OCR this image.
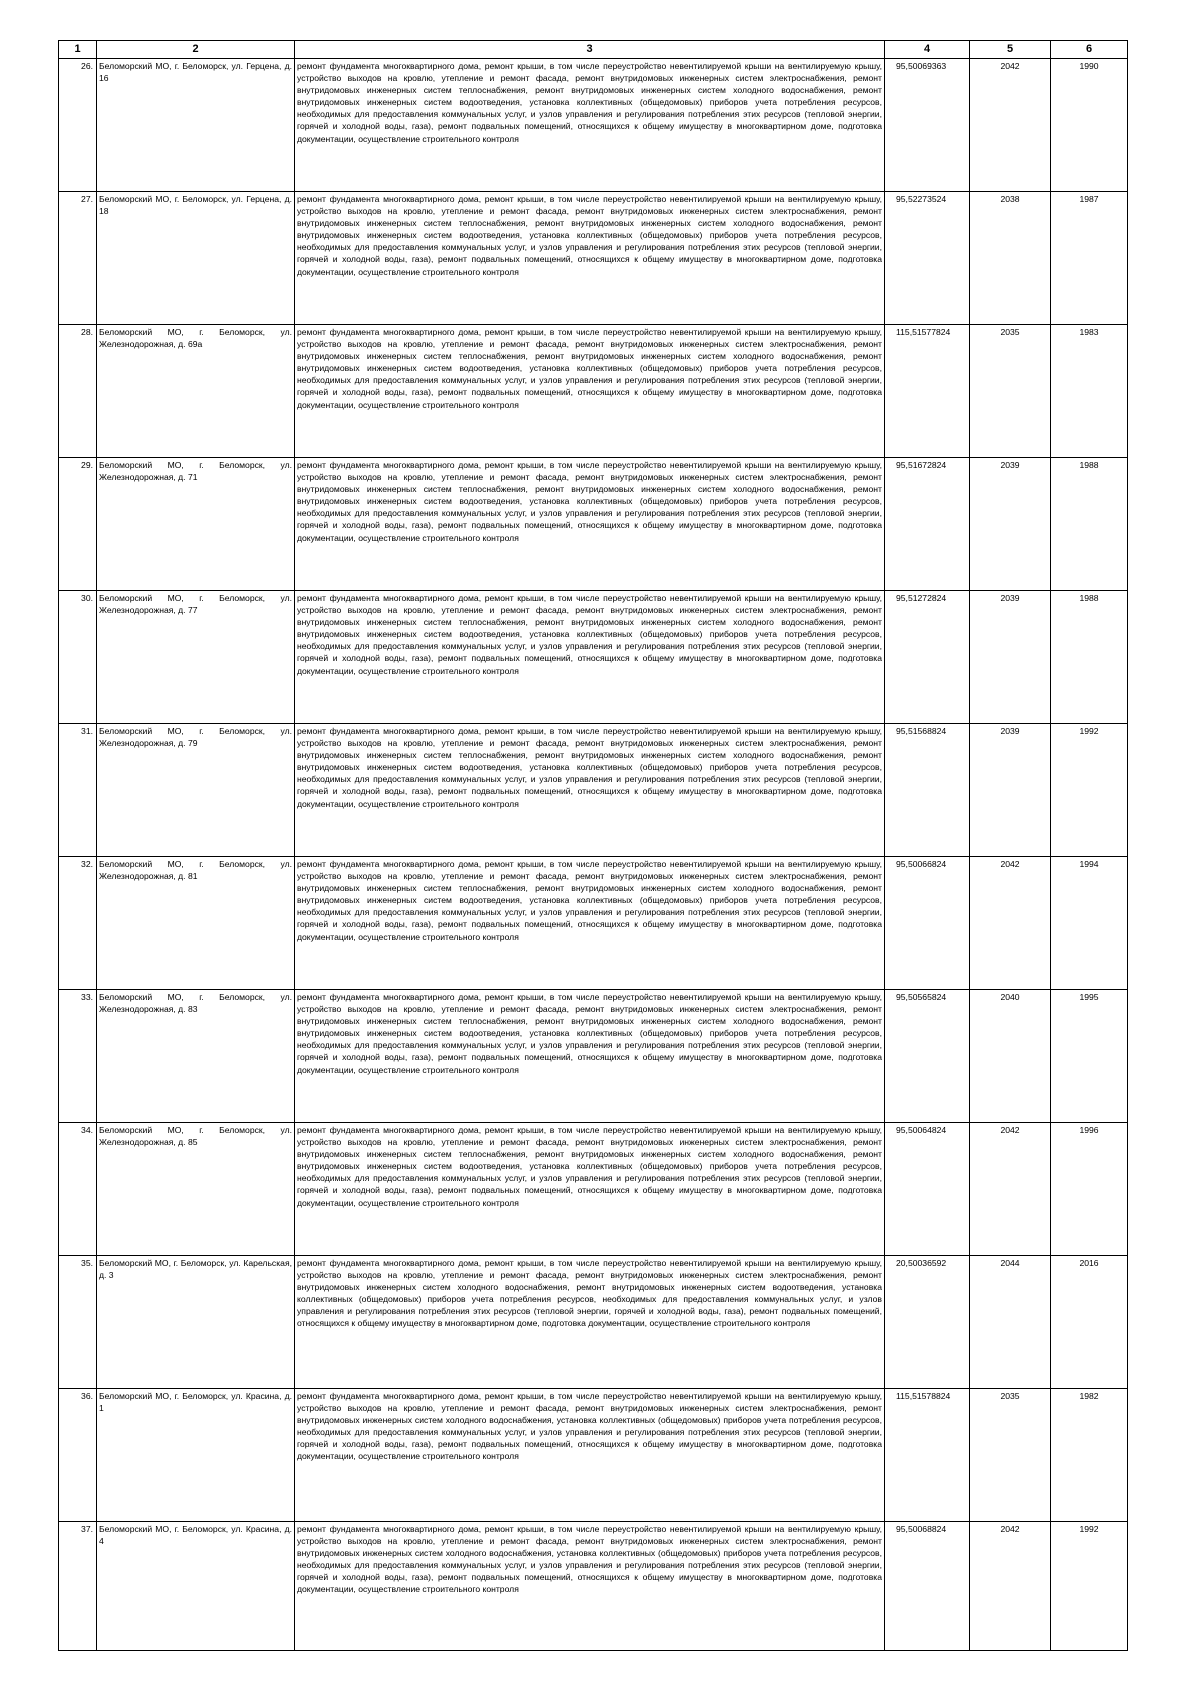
1	2	3	4	5	6
26.	Беломорский МО, г. Беломорск, ул. Герцена, д. 16	ремонт фундамента многоквартирного дома, ремонт крыши, в том числе переустройство невентилируемой крыши на вентилируемую крышу, устройство выходов на кровлю, утепление и ремонт фасада, ремонт внутридомовых инженерных систем электроснабжения, ремонт внутридомовых инженерных систем теплоснабжения, ремонт внутридомовых инженерных систем холодного водоснабжения, ремонт внутридомовых инженерных систем водоотведения, установка коллективных (общедомовых) приборов учета потребления ресурсов, необходимых для предоставления коммунальных услуг, и узлов управления и регулирования потребления этих ресурсов (тепловой энергии, горячей и холодной воды, газа), ремонт подвальных помещений, относящихся к общему имуществу в многоквартирном доме, подготовка документации, осуществление строительного контроля	95,50069363	2042	1990
27.	Беломорский МО, г. Беломорск, ул. Герцена, д. 18	ремонт фундамента многоквартирного дома, ремонт крыши, в том числе переустройство невентилируемой крыши на вентилируемую крышу, устройство выходов на кровлю, утепление и ремонт фасада, ремонт внутридомовых инженерных систем электроснабжения, ремонт внутридомовых инженерных систем теплоснабжения, ремонт внутридомовых инженерных систем холодного водоснабжения, ремонт внутридомовых инженерных систем водоотведения, установка коллективных (общедомовых) приборов учета потребления ресурсов, необходимых для предоставления коммунальных услуг, и узлов управления и регулирования потребления этих ресурсов (тепловой энергии, горячей и холодной воды, газа), ремонт подвальных помещений, относящихся к общему имуществу в многоквартирном доме, подготовка документации, осуществление строительного контроля	95,52273524	2038	1987
28.	Беломорский МО, г. Беломорск, ул. Железнодорожная, д. 69а	ремонт фундамента многоквартирного дома, ремонт крыши, в том числе переустройство невентилируемой крыши на вентилируемую крышу, устройство выходов на кровлю, утепление и ремонт фасада, ремонт внутридомовых инженерных систем электроснабжения, ремонт внутридомовых инженерных систем теплоснабжения, ремонт внутридомовых инженерных систем холодного водоснабжения, ремонт внутридомовых инженерных систем водоотведения, установка коллективных (общедомовых) приборов учета потребления ресурсов, необходимых для предоставления коммунальных услуг, и узлов управления и регулирования потребления этих ресурсов (тепловой энергии, горячей и холодной воды, газа), ремонт подвальных помещений, относящихся к общему имуществу в многоквартирном доме, подготовка документации, осуществление строительного контроля	115,51577824	2035	1983
29.	Беломорский МО, г. Беломорск, ул. Железнодорожная, д. 71	ремонт фундамента многоквартирного дома, ремонт крыши, в том числе переустройство невентилируемой крыши на вентилируемую крышу, устройство выходов на кровлю, утепление и ремонт фасада, ремонт внутридомовых инженерных систем электроснабжения, ремонт внутридомовых инженерных систем теплоснабжения, ремонт внутридомовых инженерных систем холодного водоснабжения, ремонт внутридомовых инженерных систем водоотведения, установка коллективных (общедомовых) приборов учета потребления ресурсов, необходимых для предоставления коммунальных услуг, и узлов управления и регулирования потребления этих ресурсов (тепловой энергии, горячей и холодной воды, газа), ремонт подвальных помещений, относящихся к общему имуществу в многоквартирном доме, подготовка документации, осуществление строительного контроля	95,51672824	2039	1988
30.	Беломорский МО, г. Беломорск, ул. Железнодорожная, д. 77	ремонт фундамента многоквартирного дома, ремонт крыши, в том числе переустройство невентилируемой крыши на вентилируемую крышу, устройство выходов на кровлю, утепление и ремонт фасада, ремонт внутридомовых инженерных систем электроснабжения, ремонт внутридомовых инженерных систем теплоснабжения, ремонт внутридомовых инженерных систем холодного водоснабжения, ремонт внутридомовых инженерных систем водоотведения, установка коллективных (общедомовых) приборов учета потребления ресурсов, необходимых для предоставления коммунальных услуг, и узлов управления и регулирования потребления этих ресурсов (тепловой энергии, горячей и холодной воды, газа), ремонт подвальных помещений, относящихся к общему имуществу в многоквартирном доме, подготовка документации, осуществление строительного контроля	95,51272824	2039	1988
31.	Беломорский МО, г. Беломорск, ул. Железнодорожная, д. 79	ремонт фундамента многоквартирного дома, ремонт крыши, в том числе переустройство невентилируемой крыши на вентилируемую крышу, устройство выходов на кровлю, утепление и ремонт фасада, ремонт внутридомовых инженерных систем электроснабжения, ремонт внутридомовых инженерных систем теплоснабжения, ремонт внутридомовых инженерных систем холодного водоснабжения, ремонт внутридомовых инженерных систем водоотведения, установка коллективных (общедомовых) приборов учета потребления ресурсов, необходимых для предоставления коммунальных услуг, и узлов управления и регулирования потребления этих ресурсов (тепловой энергии, горячей и холодной воды, газа), ремонт подвальных помещений, относящихся к общему имуществу в многоквартирном доме, подготовка документации, осуществление строительного контроля	95,51568824	2039	1992
32.	Беломорский МО, г. Беломорск, ул. Железнодорожная, д. 81	ремонт фундамента многоквартирного дома, ремонт крыши, в том числе переустройство невентилируемой крыши на вентилируемую крышу, устройство выходов на кровлю, утепление и ремонт фасада, ремонт внутридомовых инженерных систем электроснабжения, ремонт внутридомовых инженерных систем теплоснабжения, ремонт внутридомовых инженерных систем холодного водоснабжения, ремонт внутридомовых инженерных систем водоотведения, установка коллективных (общедомовых) приборов учета потребления ресурсов, необходимых для предоставления коммунальных услуг, и узлов управления и регулирования потребления этих ресурсов (тепловой энергии, горячей и холодной воды, газа), ремонт подвальных помещений, относящихся к общему имуществу в многоквартирном доме, подготовка документации, осуществление строительного контроля	95,50066824	2042	1994
33.	Беломорский МО, г. Беломорск, ул. Железнодорожная, д. 83	ремонт фундамента многоквартирного дома, ремонт крыши, в том числе переустройство невентилируемой крыши на вентилируемую крышу, устройство выходов на кровлю, утепление и ремонт фасада, ремонт внутридомовых инженерных систем электроснабжения, ремонт внутридомовых инженерных систем теплоснабжения, ремонт внутридомовых инженерных систем холодного водоснабжения, ремонт внутридомовых инженерных систем водоотведения, установка коллективных (общедомовых) приборов учета потребления ресурсов, необходимых для предоставления коммунальных услуг, и узлов управления и регулирования потребления этих ресурсов (тепловой энергии, горячей и холодной воды, газа), ремонт подвальных помещений, относящихся к общему имуществу в многоквартирном доме, подготовка документации, осуществление строительного контроля	95,50565824	2040	1995
34.	Беломорский МО, г. Беломорск, ул. Железнодорожная, д. 85	ремонт фундамента многоквартирного дома, ремонт крыши, в том числе переустройство невентилируемой крыши на вентилируемую крышу, устройство выходов на кровлю, утепление и ремонт фасада, ремонт внутридомовых инженерных систем электроснабжения, ремонт внутридомовых инженерных систем теплоснабжения, ремонт внутридомовых инженерных систем холодного водоснабжения, ремонт внутридомовых инженерных систем водоотведения, установка коллективных (общедомовых) приборов учета потребления ресурсов, необходимых для предоставления коммунальных услуг, и узлов управления и регулирования потребления этих ресурсов (тепловой энергии, горячей и холодной воды, газа), ремонт подвальных помещений, относящихся к общему имуществу в многоквартирном доме, подготовка документации, осуществление строительного контроля	95,50064824	2042	1996
35.	Беломорский МО, г. Беломорск, ул. Карельская, д. 3	ремонт фундамента многоквартирного дома, ремонт крыши, в том числе переустройство невентилируемой крыши на вентилируемую крышу, устройство выходов на кровлю, утепление и ремонт фасада, ремонт внутридомовых инженерных систем электроснабжения, ремонт внутридомовых инженерных систем холодного водоснабжения, ремонт внутридомовых инженерных систем водоотведения, установка коллективных (общедомовых) приборов учета потребления ресурсов, необходимых для предоставления коммунальных услуг, и узлов управления и регулирования потребления этих ресурсов (тепловой энергии, горячей и холодной воды, газа), ремонт подвальных помещений, относящихся к общему имуществу в многоквартирном доме, подготовка документации, осуществление строительного контроля	20,50036592	2044	2016
36.	Беломорский МО, г. Беломорск, ул. Красина, д. 1	ремонт фундамента многоквартирного дома, ремонт крыши, в том числе переустройство невентилируемой крыши на вентилируемую крышу, устройство выходов на кровлю, утепление и ремонт фасада, ремонт внутридомовых инженерных систем электроснабжения, ремонт внутридомовых инженерных систем холодного водоснабжения, установка коллективных (общедомовых) приборов учета потребления ресурсов, необходимых для предоставления коммунальных услуг, и узлов управления и регулирования потребления этих ресурсов (тепловой энергии, горячей и холодной воды, газа), ремонт подвальных помещений, относящихся к общему имуществу в многоквартирном доме, подготовка документации, осуществление строительного контроля	115,51578824	2035	1982
37.	Беломорский МО, г. Беломорск, ул. Красина, д. 4	ремонт фундамента многоквартирного дома, ремонт крыши, в том числе переустройство невентилируемой крыши на вентилируемую крышу, устройство выходов на кровлю, утепление и ремонт фасада, ремонт внутридомовых инженерных систем электроснабжения, ремонт внутридомовых инженерных систем холодного водоснабжения, установка коллективных (общедомовых) приборов учета потребления ресурсов, необходимых для предоставления коммунальных услуг, и узлов управления и регулирования потребления этих ресурсов (тепловой энергии, горячей и холодной воды, газа), ремонт подвальных помещений, относящихся к общему имуществу в многоквартирном доме, подготовка документации, осуществление строительного контроля	95,50068824	2042	1992
